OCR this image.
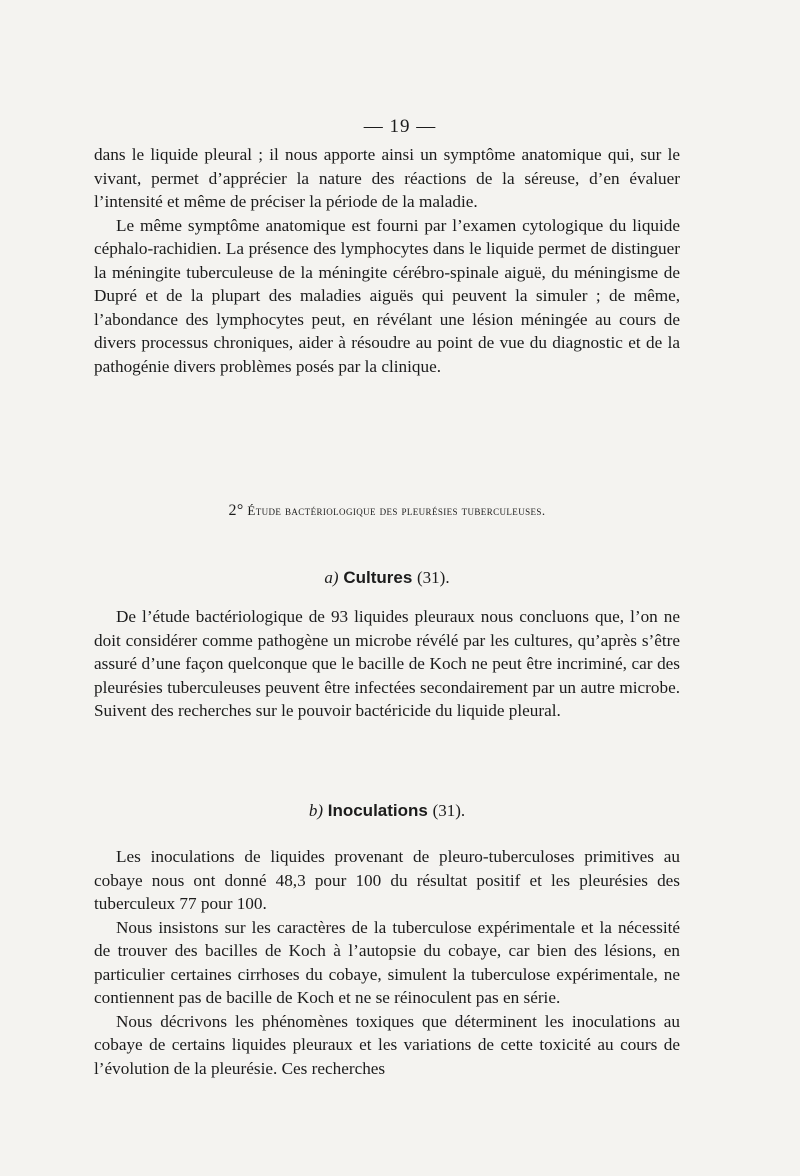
— 19 —

dans le liquide pleural ; il nous apporte ainsi un symptôme anatomique qui, sur le vivant, permet d’apprécier la nature des réactions de la séreuse, d’en évaluer l’intensité et même de préciser la période de la maladie.

Le même symptôme anatomique est fourni par l’examen cytologique du liquide céphalo-rachidien. La présence des lymphocytes dans le liquide permet de distinguer la méningite tuberculeuse de la méningite cérébro-spinale aiguë, du méningisme de Dupré et de la plupart des maladies aiguës qui peuvent la simuler ; de même, l’abondance des lymphocytes peut, en révélant une lésion méningée au cours de divers processus chroniques, aider à résoudre au point de vue du diagnostic et de la pathogénie divers problèmes posés par la clinique.

2° Étude bactériologique des pleurésies tuberculeuses.
a) Cultures (31).

De l’étude bactériologique de 93 liquides pleuraux nous concluons que, l’on ne doit considérer comme pathogène un microbe révélé par les cultures, qu’après s’être assuré d’une façon quelconque que le bacille de Koch ne peut être incriminé, car des pleurésies tuberculeuses peuvent être infectées secondairement par un autre microbe. Suivent des recherches sur le pouvoir bactéricide du liquide pleural.

b) Inoculations (31).

Les inoculations de liquides provenant de pleuro-tuberculoses primitives au cobaye nous ont donné 48,3 pour 100 du résultat positif et les pleurésies des tuberculeux 77 pour 100.

Nous insistons sur les caractères de la tuberculose expérimentale et la nécessité de trouver des bacilles de Koch à l’autopsie du cobaye, car bien des lésions, en particulier certaines cirrhoses du cobaye, simulent la tuberculose expérimentale, ne contiennent pas de bacille de Koch et ne se réinoculent pas en série.

Nous décrivons les phénomènes toxiques que déterminent les inoculations au cobaye de certains liquides pleuraux et les variations de cette toxicité au cours de l’évolution de la pleurésie. Ces recherches
